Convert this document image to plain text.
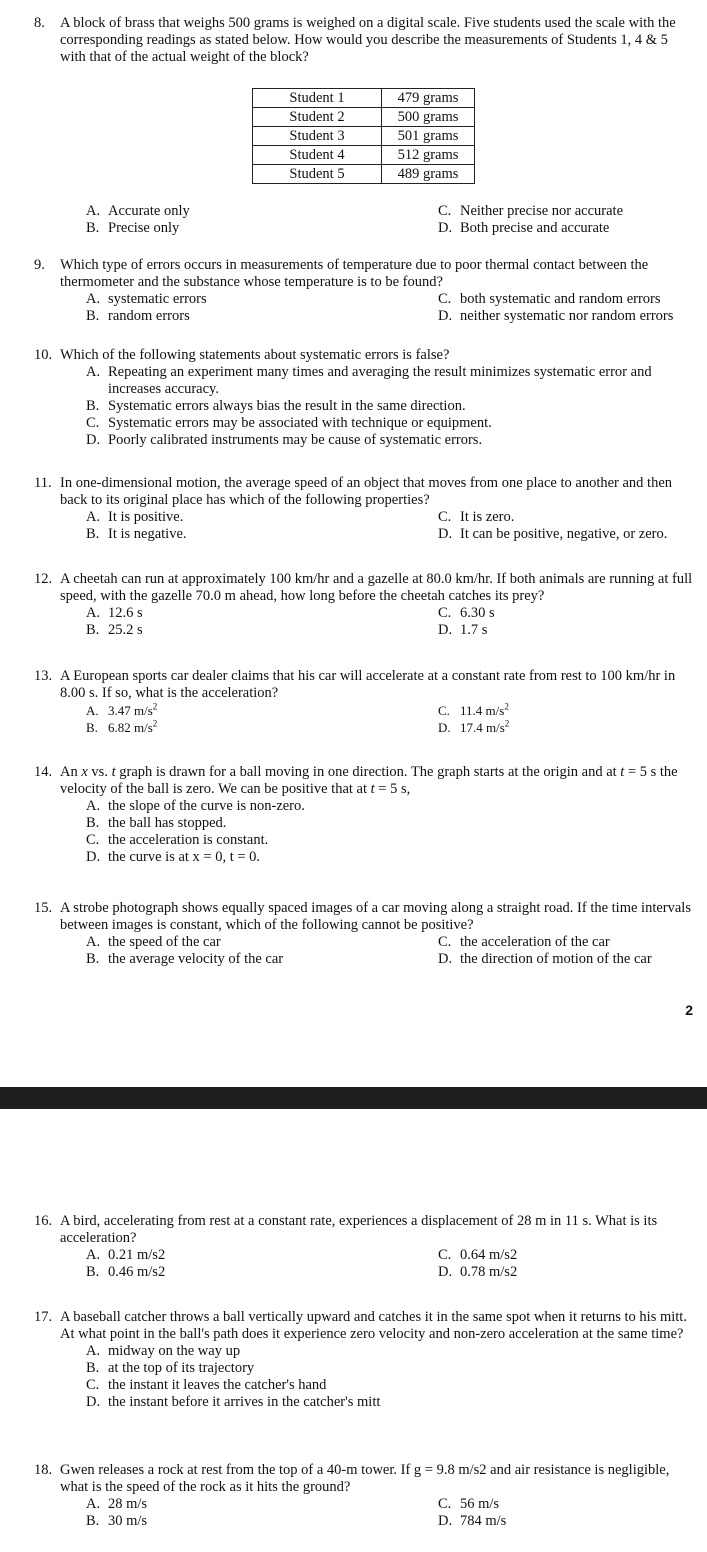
8.	A block of brass that weighs 500 grams is weighed on a digital scale. Five students used the scale with the corresponding readings as stated below. How would you describe the measurements of Students 1, 4 & 5 with that of the actual weight of the block?
Student 1	479 grams
Student 2	500 grams
Student 3	501 grams
Student 4	512 grams
Student 5	489 grams
A. Accurate only	C. Neither precise nor accurate
B. Precise only	D. Both precise and accurate
9.	Which type of errors occurs in measurements of temperature due to poor thermal contact between the thermometer and the substance whose temperature is to be found?
A. systematic errors	C. both systematic and random errors
B. random errors	D. neither systematic nor random errors
10. Which of the following statements about systematic errors is false?
A. Repeating an experiment many times and averaging the result minimizes systematic error and increases accuracy.
B. Systematic errors always bias the result in the same direction.
C. Systematic errors may be associated with technique or equipment.
D. Poorly calibrated instruments may be cause of systematic errors.
11. In one-dimensional motion, the average speed of an object that moves from one place to another and then back to its original place has which of the following properties?
A. It is positive.	C. It is zero.
B. It is negative.	D. It can be positive, negative, or zero.
12. A cheetah can run at approximately 100 km/hr and a gazelle at 80.0 km/hr. If both animals are running at full speed, with the gazelle 70.0 m ahead, how long before the cheetah catches its prey?
A. 12.6 s	C. 6.30 s
B. 25.2 s	D. 1.7 s
13. A European sports car dealer claims that his car will accelerate at a constant rate from rest to 100 km/hr in 8.00 s. If so, what is the acceleration?
A. 3.47 $m/s^2$	C. 11.4 $m/s^2$
B. 6.82 $m/s^2$	D. 17.4 $m/s^2$
14. An x vs. t graph is drawn for a ball moving in one direction. The graph starts at the origin and at t = 5 s the velocity of the ball is zero. We can be positive that at t = 5 s,
A. the slope of the curve is non-zero.
B. the ball has stopped.
C. the acceleration is constant.
D. the curve is at x = 0, t = 0.
15. A strobe photograph shows equally spaced images of a car moving along a straight road. If the time intervals between images is constant, which of the following cannot be positive?
A. the speed of the car	C. the acceleration of the car
B. the average velocity of the car	D. the direction of motion of the car
2
16. A bird, accelerating from rest at a constant rate, experiences a displacement of 28 m in 11 s. What is its acceleration?
A. 0.21 m/s2	C. 0.64 m/s2
B. 0.46 m/s2	D. 0.78 m/s2
17. A baseball catcher throws a ball vertically upward and catches it in the same spot when it returns to his mitt. At what point in the ball's path does it experience zero velocity and non-zero acceleration at the same time?
A. midway on the way up
B. at the top of its trajectory
C. the instant it leaves the catcher's hand
D. the instant before it arrives in the catcher's mitt
18. Gwen releases a rock at rest from the top of a 40-m tower. If g = 9.8 m/s2 and air resistance is negligible, what is the speed of the rock as it hits the ground?
A. 28 m/s	C. 56 m/s
B. 30 m/s	D. 784 m/s
